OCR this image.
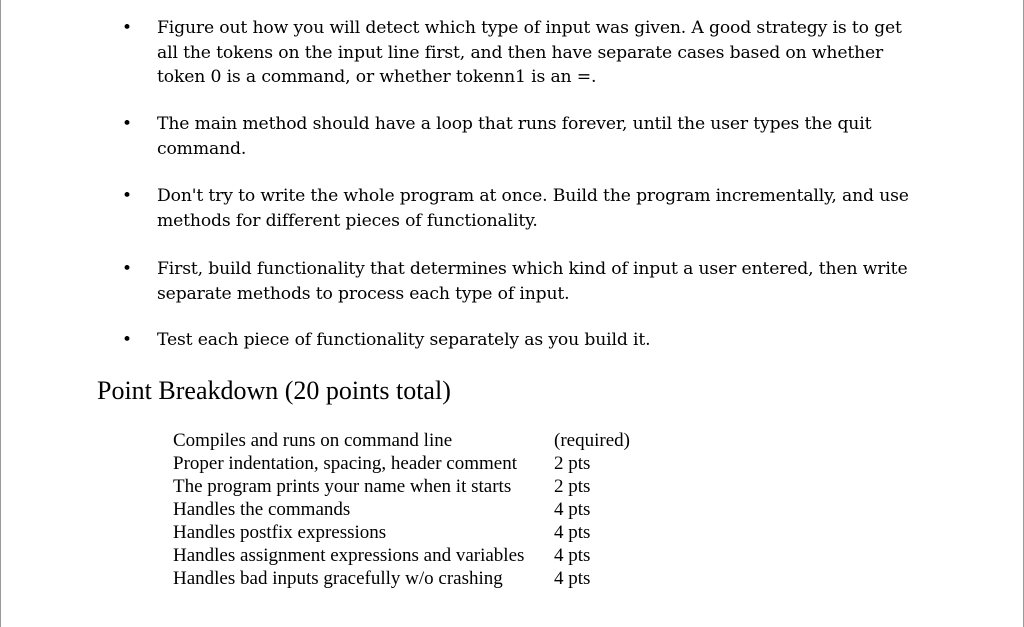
• Figure out how you will detect which type of input was given. A good strategy is to get all the tokens on the input line first, and then have separate cases based on whether token 0 is a command, or whether tokenn1 is an =.
• The main method should have a loop that runs forever, until the user types the quit command.
• Don't try to write the whole program at once. Build the program incrementally, and use methods for different pieces of functionality.
• First, build functionality that determines which kind of input a user entered, then write separate methods to process each type of input.
• Test each piece of functionality separately as you build it.
Point Breakdown (20 points total)
Compiles and runs on command line	(required)
Proper indentation, spacing, header comment	2 pts
The program prints your name when it starts	2 pts
Handles the commands	4 pts
Handles postfix expressions	4 pts
Handles assignment expressions and variables	4 pts
Handles bad inputs gracefully w/o crashing	4 pts
